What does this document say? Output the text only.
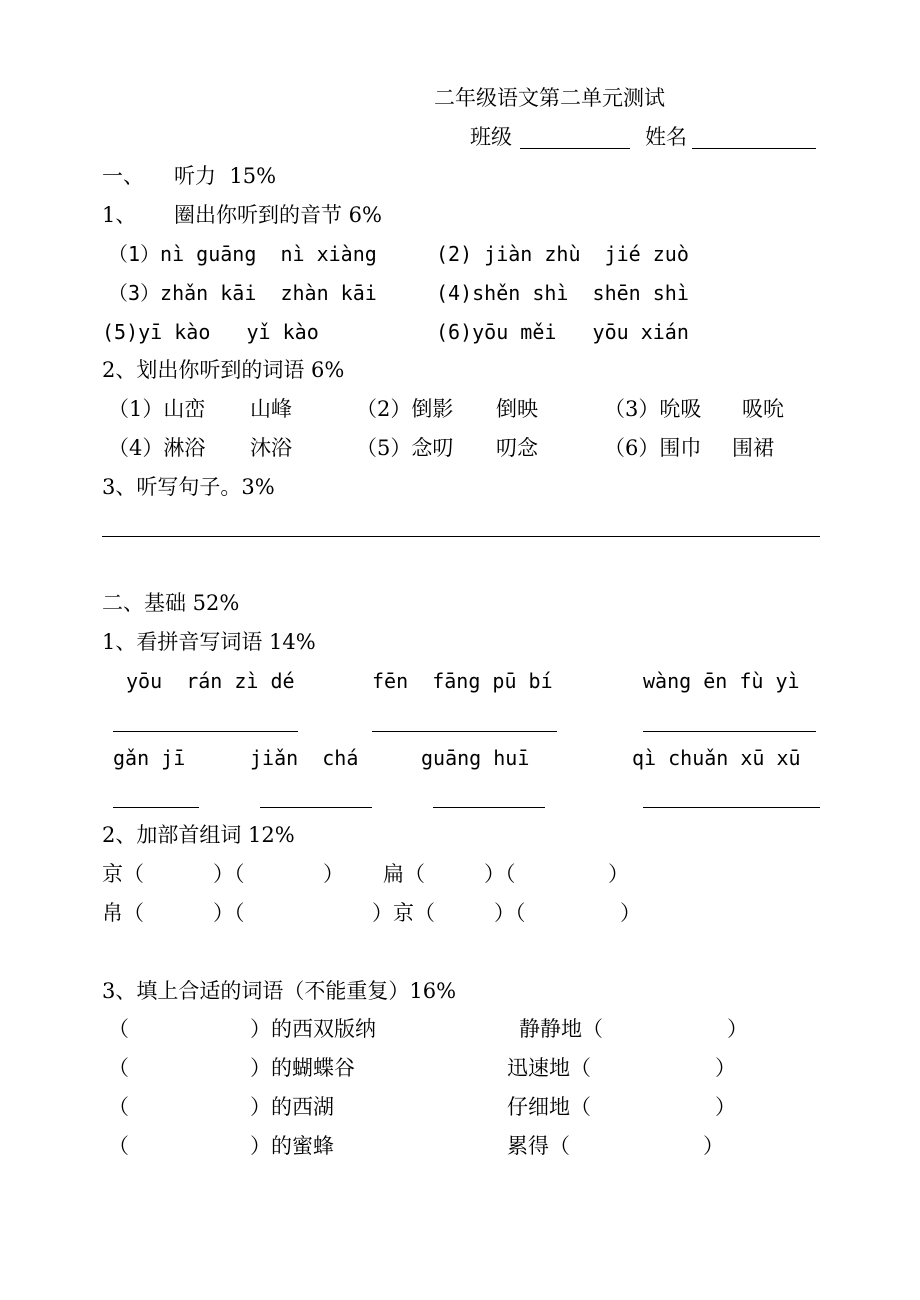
二年级语文第二单元测试
班级	姓名
一、 听力  15%
1、 圈出你听到的音节 6%
（1）nì guāng  nì xiàng	(2) jiàn zhù  jié zuò
（3）zhǎn kāi  zhàn kāi	(4)shěn shì  shēn shì
(5)yī kào   yǐ kào	(6)yōu měi   yōu xián
2、划出你听到的词语 6%
（1）山峦 山峰	（2）倒影 倒映	（3）吮吸 吸吮
（4）淋浴 沐浴	（5）念叨 叨念	（6）围巾 围裙
3、听写句子。3%
二、基础 52%
1、看拼音写词语 14%
yōu  rán zì dé	fēn  fāng pū bí	wàng ēn fù yì
gǎn jī	jiǎn  chá	guāng huī	qì chuǎn xū xū
2、加部首组词 12%
京（	）（	） 扁（	）（	）
帛（	）（	）京（	）（	）
3、填上合适的词语（不能重复）16%
（	）的西双版纳	静静地（	）
（	）的蝴蝶谷	迅速地（	）
（	）的西湖	仔细地（	）
（	）的蜜蜂	累得（	）
